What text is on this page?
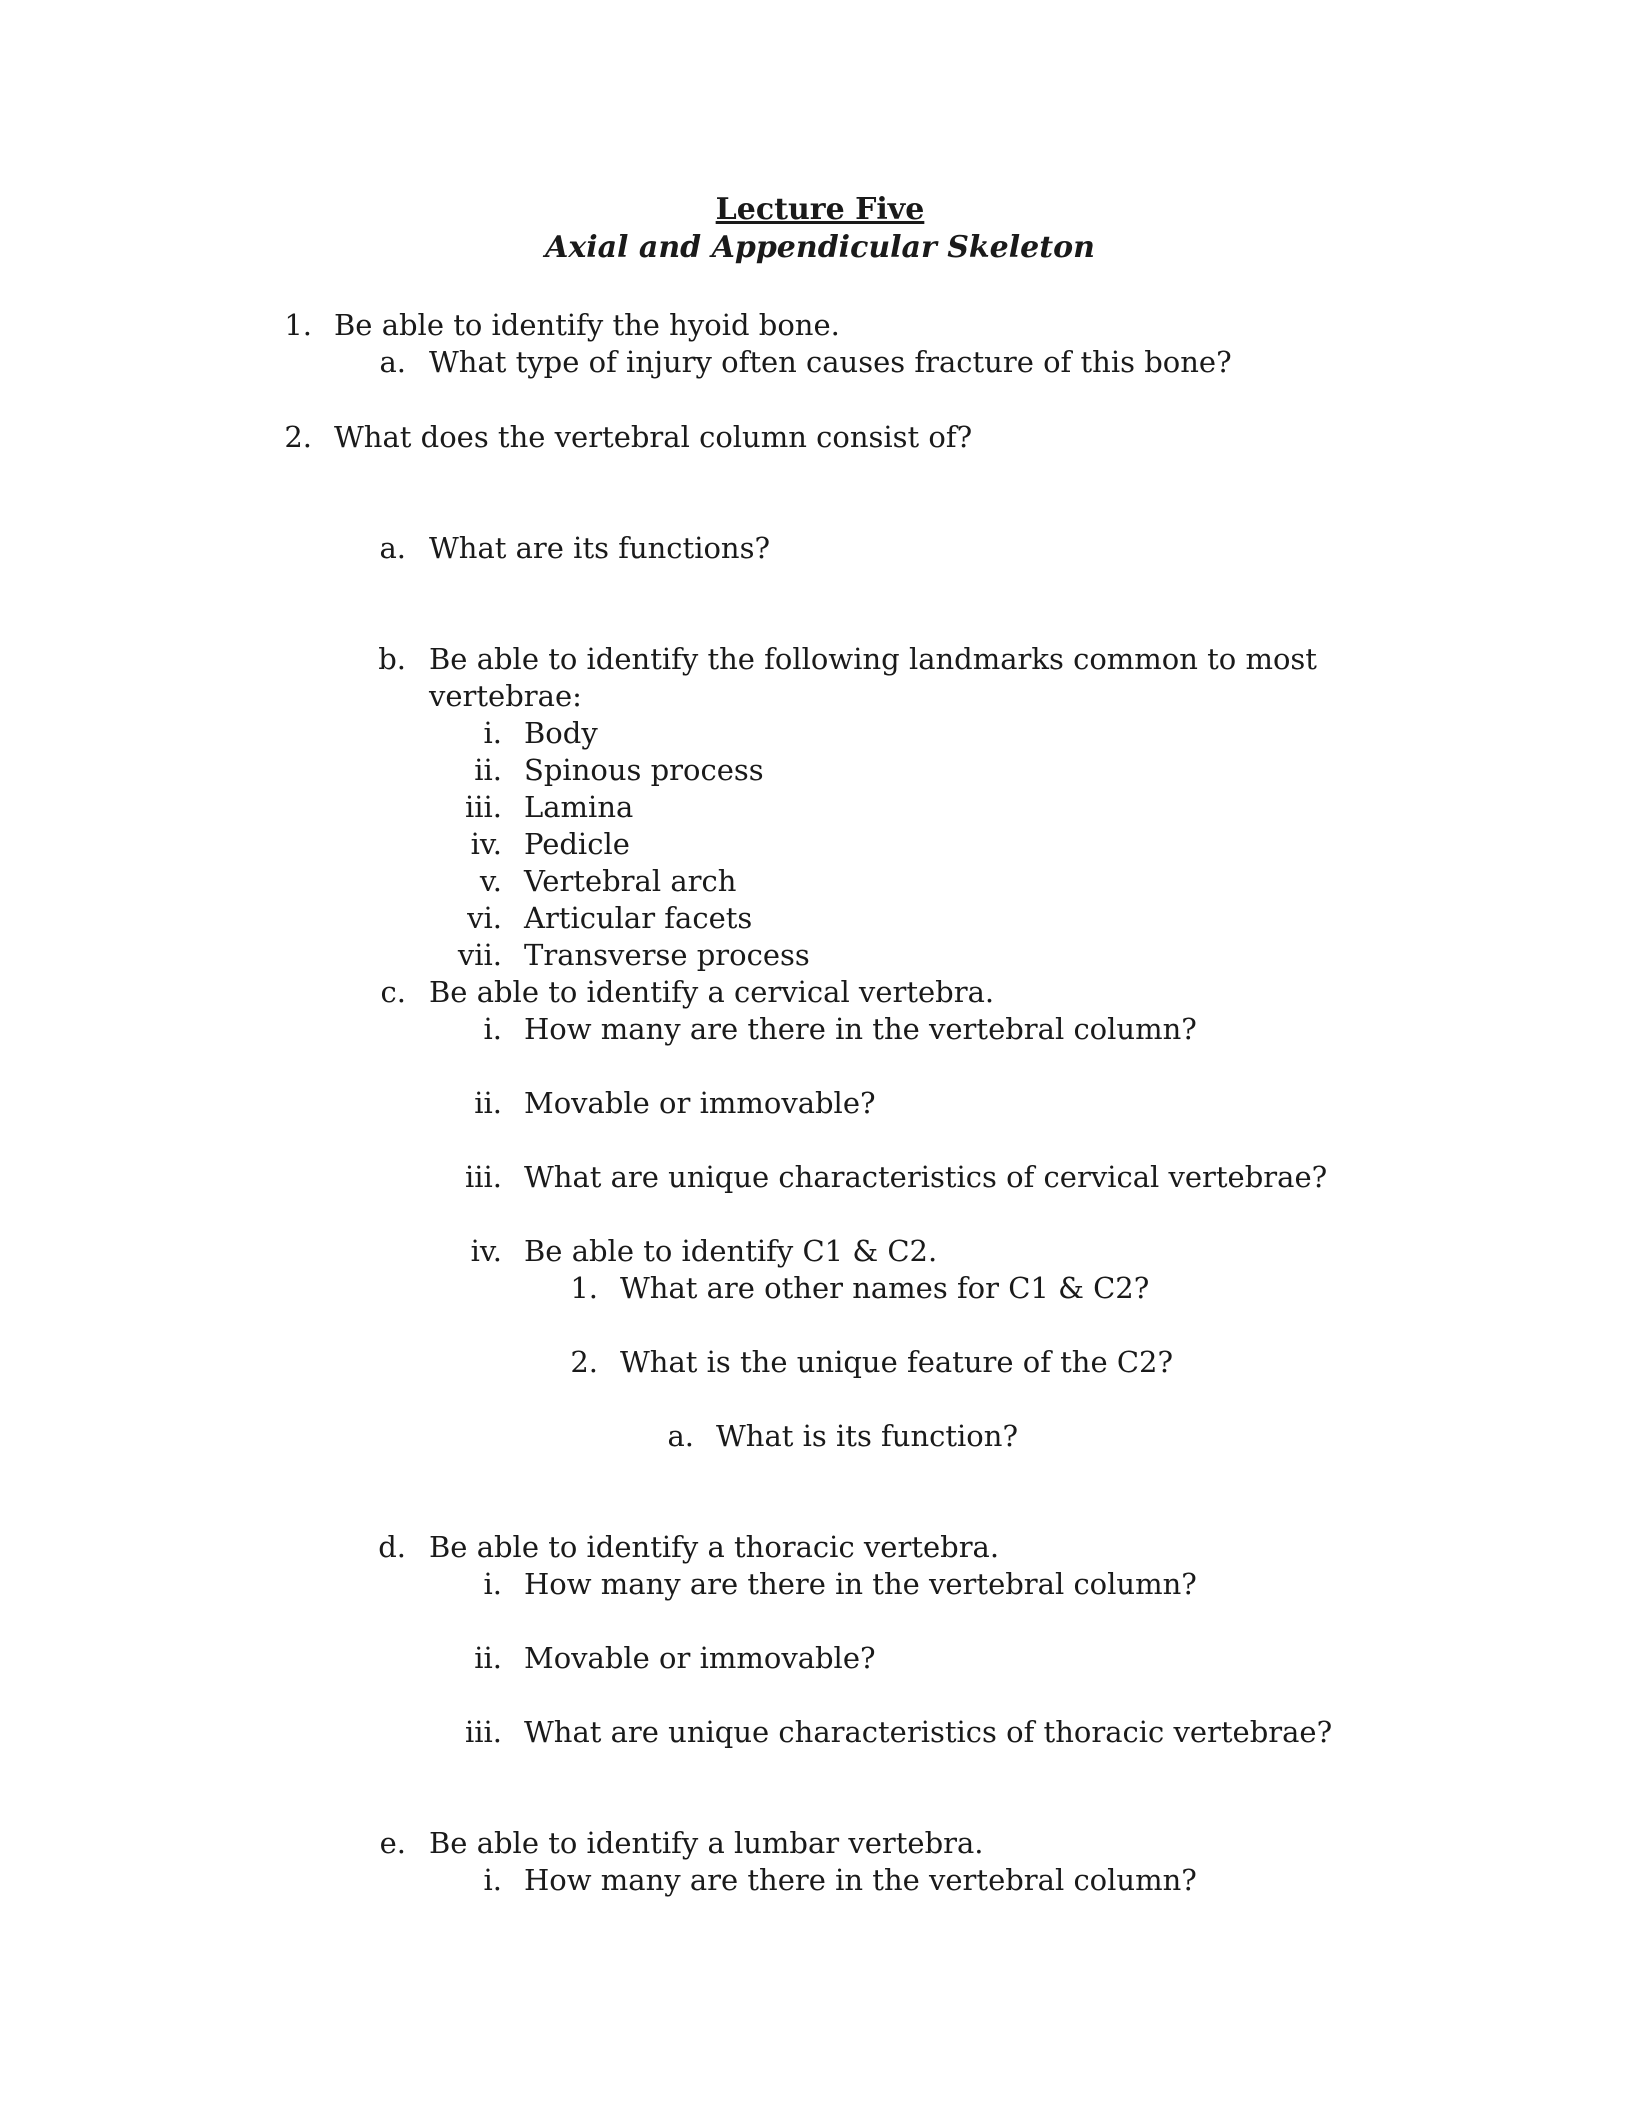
Lecture Five
Axial and Appendicular Skeleton
1. Be able to identify the hyoid bone.
a. What type of injury often causes fracture of this bone?
2. What does the vertebral column consist of?
a. What are its functions?
b. Be able to identify the following landmarks common to most
vertebrae:
i. Body
ii. Spinous process
iii. Lamina
iv. Pedicle
v. Vertebral arch
vi. Articular facets
vii. Transverse process
c. Be able to identify a cervical vertebra.
i. How many are there in the vertebral column?
ii. Movable or immovable?
iii. What are unique characteristics of cervical vertebrae?
iv. Be able to identify C1 & C2.
1. What are other names for C1 & C2?
2. What is the unique feature of the C2?
a. What is its function?
d. Be able to identify a thoracic vertebra.
i. How many are there in the vertebral column?
ii. Movable or immovable?
iii. What are unique characteristics of thoracic vertebrae?
e. Be able to identify a lumbar vertebra.
i. How many are there in the vertebral column?
